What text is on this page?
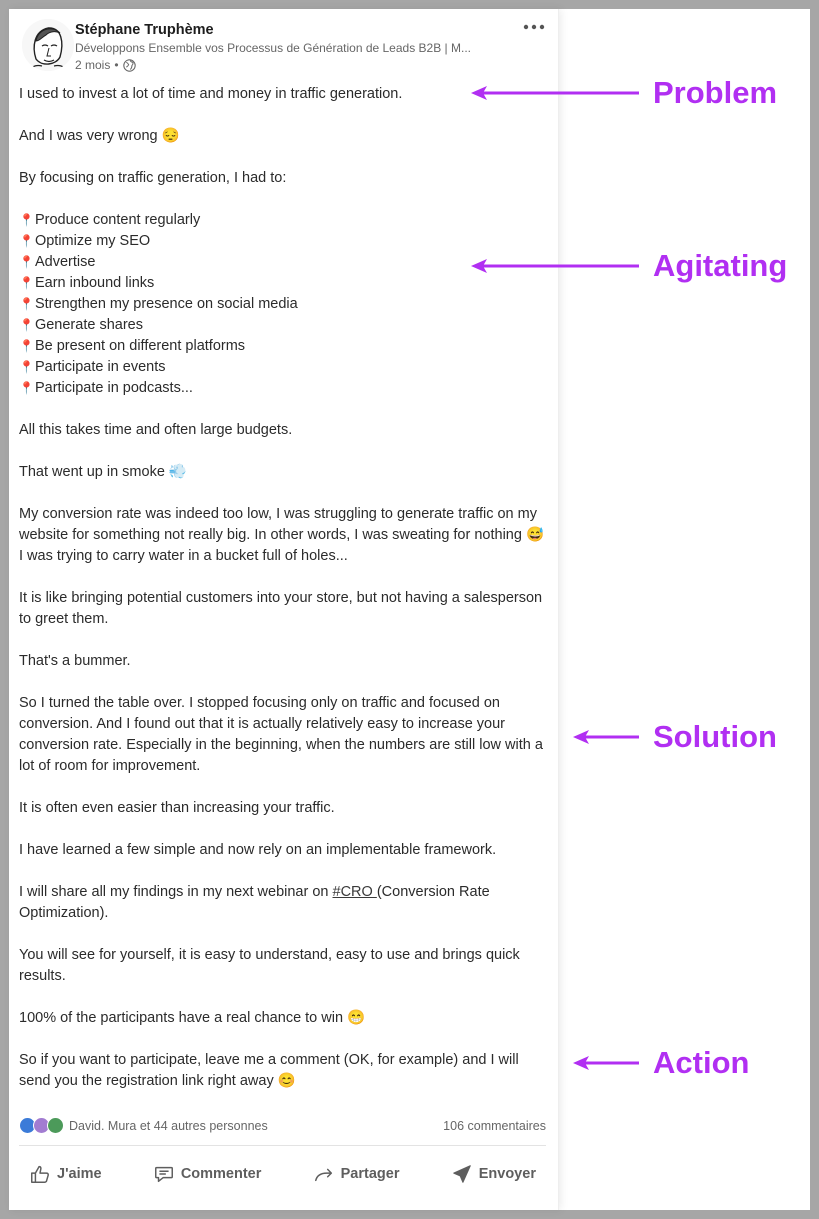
Stéphane Truphème
Développons Ensemble vos Processus de Génération de Leads B2B | M...
2 mois •

I used to invest a lot of time and money in traffic generation.

And I was very wrong 😔

By focusing on traffic generation, I had to:

📍Produce content regularly
📍Optimize my SEO
📍Advertise
📍Earn inbound links
📍Strengthen my presence on social media
📍Generate shares
📍Be present on different platforms
📍Participate in events
📍Participate in podcasts...

All this takes time and often large budgets.

That went up in smoke 💨

My conversion rate was indeed too low, I was struggling to generate traffic on my website for something not really big. In other words, I was sweating for nothing 😅 I was trying to carry water in a bucket full of holes...

It is like bringing potential customers into your store, but not having a salesperson to greet them.

That's a bummer.

So I turned the table over. I stopped focusing only on traffic and focused on conversion. And I found out that it is actually relatively easy to increase your conversion rate. Especially in the beginning, when the numbers are still low with a lot of room for improvement.

It is often even easier than increasing your traffic.

I have learned a few simple and now rely on an implementable framework.

I will share all my findings in my next webinar on #CRO (Conversion Rate Optimization).

You will see for yourself, it is easy to understand, easy to use and brings quick results.

100% of the participants have a real chance to win 😁

So if you want to participate, leave me a comment (OK, for example) and I will send you the registration link right away 😊

David. Mura et 44 autres personnes	106 commentaires
J'aime	Commenter	Partager	Envoyer
Problem
Agitating
Solution
Action
